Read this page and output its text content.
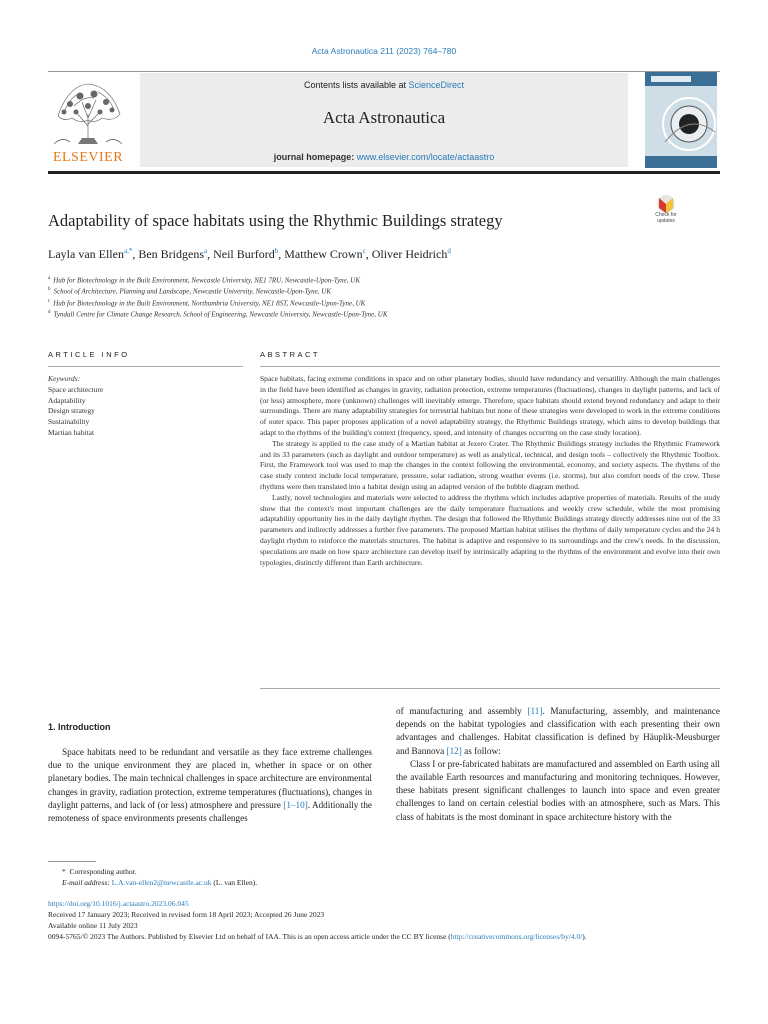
Acta Astronautica 211 (2023) 764–780
Contents lists available at ScienceDirect
Acta Astronautica
journal homepage: www.elsevier.com/locate/actaastro
ELSEVIER
Adaptability of space habitats using the Rhythmic Buildings strategy	Check for
updates
Layla van Ellen$^{a,*}$, Ben Bridgens$^a$, Neil Burford$^b$, Matthew Crown$^c$, Oliver Heidrich$^d$
$^a$ Hub for Biotechnology in the Built Environment, Newcastle University, NE1 7RU, Newcastle-Upon-Tyne, UK
$^b$ School of Architecture, Planning and Landscape, Newcastle University, Newcastle-Upon-Tyne, UK
$^c$ Hub for Biotechnology in the Built Environment, Northumbria University, NE1 8ST, Newcastle-Upon-Tyne, UK
$^d$ Tyndall Centre for Climate Change Research, School of Engineering, Newcastle University, Newcastle-Upon-Tyne, UK
ARTICLE INFO	ABSTRACT
Keywords:
Space architecture
Adaptability
Design strategy
Sustainability
Martian habitat

Space habitats, facing extreme conditions in space and on other planetary bodies, should have redundancy and versatility. Although the main challenges in the field have been identified as changes in gravity, radiation protection, extreme temperatures (fluctuations), changes in daylight patterns, and lack of (or less) atmosphere, more (unknown) challenges will inevitably emerge. Therefore, space habitats should extend beyond redundancy and adapt to their surroundings. There are many adaptability strategies for terrestrial habitats but none of these strategies were developed to work in the extreme conditions of outer space. This paper proposes application of a novel adaptability strategy, the Rhythmic Buildings strategy, which aims to develop buildings that adapt to the rhythms of the building's context (frequency, speed, and intensity of changes occurring on the case study location).

The strategy is applied to the case study of a Martian habitat at Jezero Crater. The Rhythmic Buildings strategy includes the Rhythmic Framework and its 33 parameters (such as daylight and outdoor temperature) as well as analytical, technical, and design tools – collectively the Rhythmic Toolbox. First, the Framework tool was used to map the changes in the context following the environmental, economy, and society aspects. The rhythms of the case study context include local temperature, pressure, solar radiation, strong weather events (i.e. storms), but also comfort needs of the crew. These rhythms were then translated into a habitat design using an adapted version of the bubble diagram method.

Lastly, novel technologies and materials were selected to address the rhythms which includes adaptive properties of materials. Results of the study show that the context's most important challenges are the daily temperature fluctuations and weekly crew schedule, while the most promising adaptability opportunity lies in the daily daylight rhythm. The design that followed the Rhythmic Buildings strategy directly addresses nine out of the 33 parameters and indirectly addresses a further five parameters. The proposed Martian habitat utilises the rhythms of daily temperature cycles and the 24 h daylight rhythm to reinforce the materials structures. The habitat is adaptive and responsive to its surroundings and the crew's needs. In the discussion, speculations are made on how space architecture can develop itself by intrinsically adapting to the rhythms of the environment and evolve into their own typologies, distinctly different than Earth architecture.

1. Introduction

Space habitats need to be redundant and versatile as they face extreme challenges due to the unique environment they are placed in, whether in space or on other planetary bodies. The main technical challenges in space architecture are environmental changes in gravity, radiation protection, extreme temperatures (fluctuations), changes in daylight patterns, and lack of (or less) atmosphere and pressure [1–10]. Additionally the remoteness of space environments presents challenges

of manufacturing and assembly [11]. Manufacturing, assembly, and maintenance depends on the habitat typologies and classification with each presenting their own advantages and challenges. Habitat classification is defined by Häuplik-Meusburger and Bannova [12] as follow:

Class I or pre-fabricated habitats are manufactured and assembled on Earth using all the available Earth resources and manufacturing and monitoring techniques. However, these habitats present significant challenges to launch into space and even greater challenges to land on certain celestial bodies with an atmosphere, such as Mars. This class of habitats is the most dominant in space architecture history with the

*  Corresponding author.
E-mail address: L.A.van-ellen2@newcastle.ac.uk (L. van Ellen).
https://doi.org/10.1016/j.actaastro.2023.06.045
Received 17 January 2023; Received in revised form 18 April 2023; Accepted 26 June 2023
Available online 11 July 2023
0094-5765/© 2023 The Authors. Published by Elsevier Ltd on behalf of IAA. This is an open access article under the CC BY license (http://creativecommons.org/licenses/by/4.0/).
